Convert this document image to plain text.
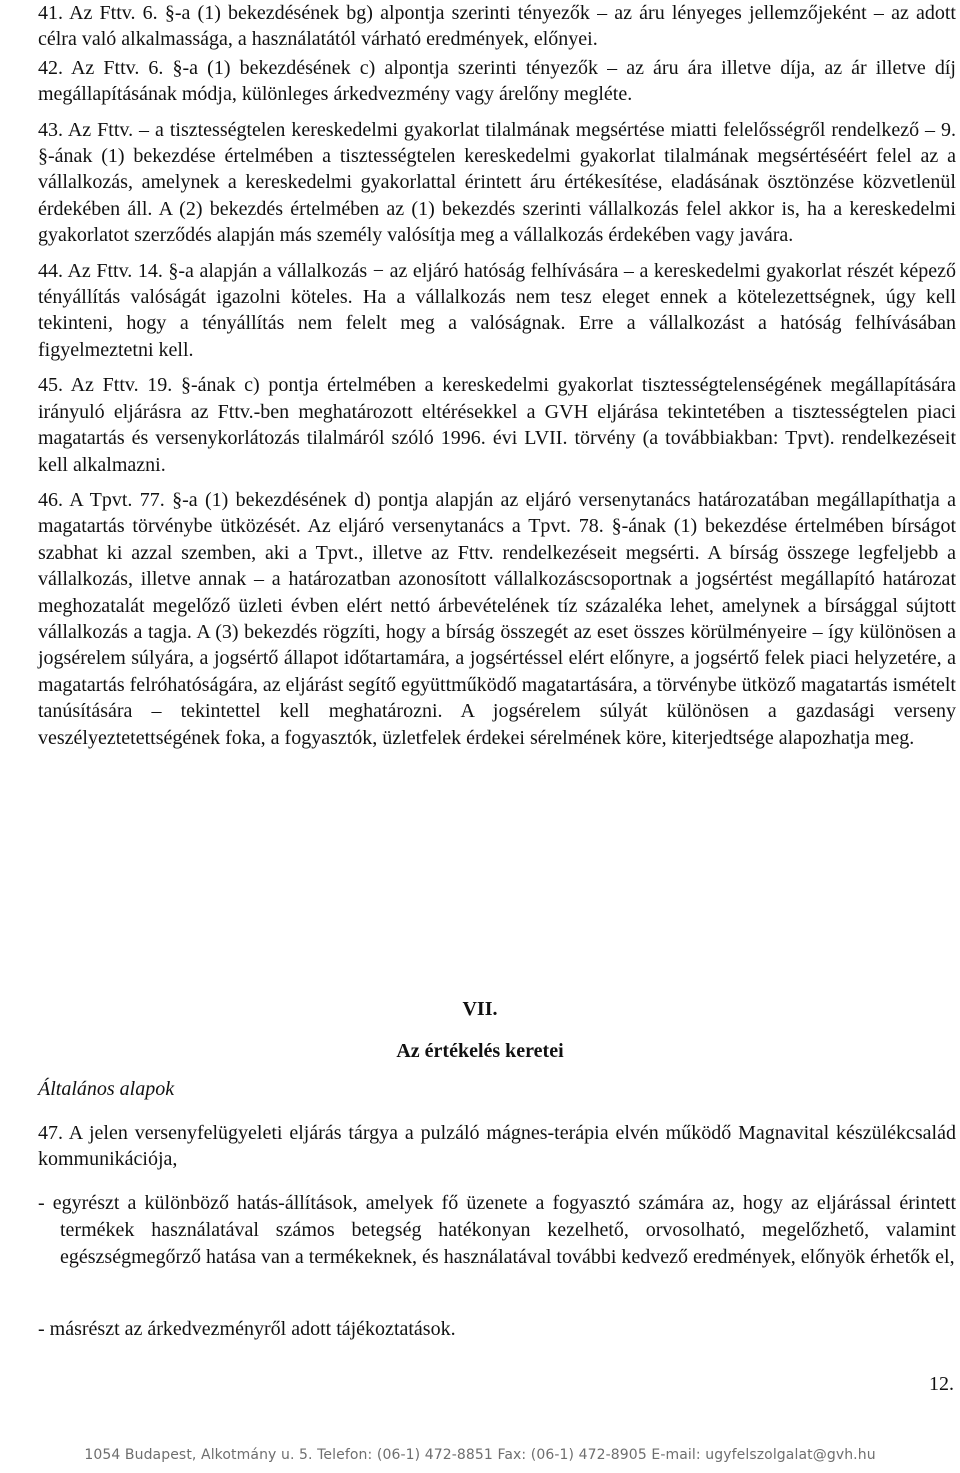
41. Az Fttv. 6. §-a (1) bekezdésének bg) alpontja szerinti tényezők – az áru lényeges jellemzőjeként – az adott célra való alkalmassága, a használatától várható eredmények, előnyei.

42. Az Fttv. 6. §-a (1) bekezdésének c) alpontja szerinti tényezők – az áru ára illetve díja, az ár illetve díj megállapításának módja, különleges árkedvezmény vagy árelőny megléte.

43. Az Fttv. – a tisztességtelen kereskedelmi gyakorlat tilalmának megsértése miatti felelősségről rendelkező – 9. §-ának (1) bekezdése értelmében a tisztességtelen kereskedelmi gyakorlat tilalmának megsértéséért felel az a vállalkozás, amelynek a kereskedelmi gyakorlattal érintett áru értékesítése, eladásának ösztönzése közvetlenül érdekében áll. A (2) bekezdés értelmében az (1) bekezdés szerinti vállalkozás felel akkor is, ha a kereskedelmi gyakorlatot szerződés alapján más személy valósítja meg a vállalkozás érdekében vagy javára.

44. Az Fttv. 14. §-a alapján a vállalkozás − az eljáró hatóság felhívására – a kereskedelmi gyakorlat részét képező tényállítás valóságát igazolni köteles. Ha a vállalkozás nem tesz eleget ennek a kötelezettségnek, úgy kell tekinteni, hogy a tényállítás nem felelt meg a valóságnak. Erre a vállalkozást a hatóság felhívásában figyelmeztetni kell.

45. Az Fttv. 19. §-ának c) pontja értelmében a kereskedelmi gyakorlat tisztességtelenségének megállapítására irányuló eljárásra az Fttv.-ben meghatározott eltérésekkel a GVH eljárása tekintetében a tisztességtelen piaci magatartás és versenykorlátozás tilalmáról szóló 1996. évi LVII. törvény (a továbbiakban: Tpvt). rendelkezéseit kell alkalmazni.

46. A Tpvt. 77. §-a (1) bekezdésének d) pontja alapján az eljáró versenytanács határozatában megállapíthatja a magatartás törvénybe ütközését. Az eljáró versenytanács a Tpvt. 78. §-ának (1) bekezdése értelmében bírságot szabhat ki azzal szemben, aki a Tpvt., illetve az Fttv. rendelkezéseit megsérti. A bírság összege legfeljebb a vállalkozás, illetve annak – a határozatban azonosított vállalkozáscsoportnak a jogsértést megállapító határozat meghozatalát megelőző üzleti évben elért nettó árbevételének tíz százaléka lehet, amelynek a bírsággal sújtott vállalkozás a tagja. A (3) bekezdés rögzíti, hogy a bírság összegét az eset összes körülményeire – így különösen a jogsérelem súlyára, a jogsértő állapot időtartamára, a jogsértéssel elért előnyre, a jogsértő felek piaci helyzetére, a magatartás felróhatóságára, az eljárást segítő együttműködő magatartására, a törvénybe ütköző magatartás ismételt tanúsítására – tekintettel kell meghatározni. A jogsérelem súlyát különösen a gazdasági verseny veszélyeztetettségének foka, a fogyasztók, üzletfelek érdekei sérelmének köre, kiterjedtsége alapozhatja meg.

VII.

Az értékelés keretei

Általános alapok

47. A jelen versenyfelügyeleti eljárás tárgya a pulzáló mágnes-terápia elvén működő Magnavital készülékcsalád kommunikációja,

- egyrészt a különböző hatás-állítások, amelyek fő üzenete a fogyasztó számára az, hogy az eljárással érintett termékek használatával számos betegség hatékonyan kezelhető, orvosolható, megelőzhető, valamint egészségmegőrző hatása van a termékeknek, és használatával további kedvező eredmények, előnyök érhetők el,

- másrészt az árkedvezményről adott tájékoztatások.

12.

1054 Budapest, Alkotmány u. 5. Telefon: (06-1) 472-8851 Fax: (06-1) 472-8905 E-mail: ugyfelszolgalat@gvh.hu
